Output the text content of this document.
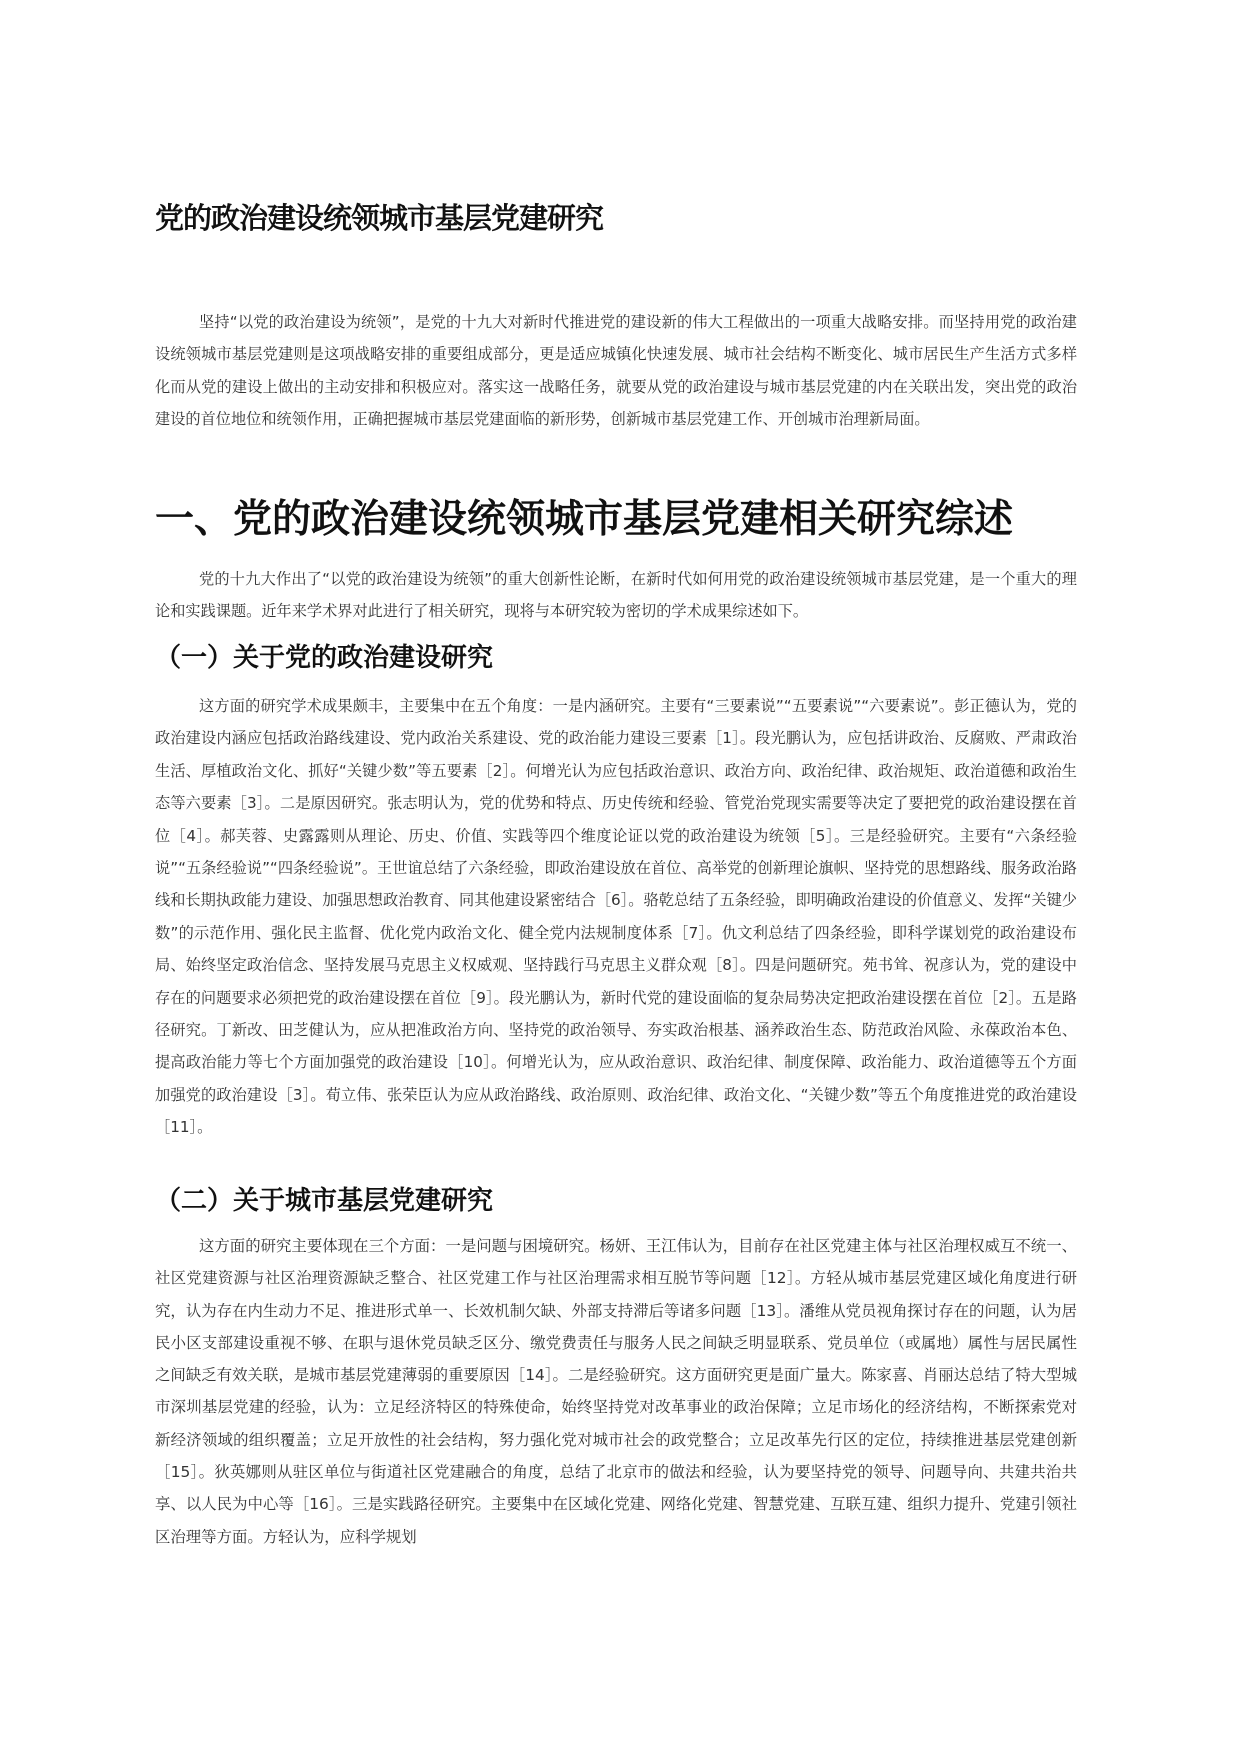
党的政治建设统领城市基层党建研究

坚持“以党的政治建设为统领”，是党的十九大对新时代推进党的建设新的伟大工程做出的一项重大战略安排。而坚持用党的政治建设统领城市基层党建则是这项战略安排的重要组成部分，更是适应城镇化快速发展、城市社会结构不断变化、城市居民生产生活方式多样化而从党的建设上做出的主动安排和积极应对。落实这一战略任务，就要从党的政治建设与城市基层党建的内在关联出发，突出党的政治建设的首位地位和统领作用，正确把握城市基层党建面临的新形势，创新城市基层党建工作、开创城市治理新局面。

一、党的政治建设统领城市基层党建相关研究综述

党的十九大作出了“以党的政治建设为统领”的重大创新性论断，在新时代如何用党的政治建设统领城市基层党建，是一个重大的理论和实践课题。近年来学术界对此进行了相关研究，现将与本研究较为密切的学术成果综述如下。

（一）关于党的政治建设研究

这方面的研究学术成果颇丰，主要集中在五个角度：一是内涵研究。主要有“三要素说”“五要素说”“六要素说”。彭正德认为，党的政治建设内涵应包括政治路线建设、党内政治关系建设、党的政治能力建设三要素［1］。段光鹏认为，应包括讲政治、反腐败、严肃政治生活、厚植政治文化、抓好“关键少数”等五要素［2］。何增光认为应包括政治意识、政治方向、政治纪律、政治规矩、政治道德和政治生态等六要素［3］。二是原因研究。张志明认为，党的优势和特点、历史传统和经验、管党治党现实需要等决定了要把党的政治建设摆在首位［4］。郝芙蓉、史露露则从理论、历史、价值、实践等四个维度论证以党的政治建设为统领［5］。三是经验研究。主要有“六条经验说”“五条经验说”“四条经验说”。王世谊总结了六条经验，即政治建设放在首位、高举党的创新理论旗帜、坚持党的思想路线、服务政治路线和长期执政能力建设、加强思想政治教育、同其他建设紧密结合［6］。骆乾总结了五条经验，即明确政治建设的价值意义、发挥“关键少数”的示范作用、强化民主监督、优化党内政治文化、健全党内法规制度体系［7］。仇文利总结了四条经验，即科学谋划党的政治建设布局、始终坚定政治信念、坚持发展马克思主义权威观、坚持践行马克思主义群众观［8］。四是问题研究。苑书耸、祝彦认为，党的建设中存在的问题要求必须把党的政治建设摆在首位［9］。段光鹏认为，新时代党的建设面临的复杂局势决定把政治建设摆在首位［2］。五是路径研究。丁新改、田芝健认为，应从把准政治方向、坚持党的政治领导、夯实政治根基、涵养政治生态、防范政治风险、永葆政治本色、提高政治能力等七个方面加强党的政治建设［10］。何增光认为，应从政治意识、政治纪律、制度保障、政治能力、政治道德等五个方面加强党的政治建设［3］。荀立伟、张荣臣认为应从政治路线、政治原则、政治纪律、政治文化、“关键少数”等五个角度推进党的政治建设［11］。

（二）关于城市基层党建研究

这方面的研究主要体现在三个方面：一是问题与困境研究。杨妍、王江伟认为，目前存在社区党建主体与社区治理权威互不统一、社区党建资源与社区治理资源缺乏整合、社区党建工作与社区治理需求相互脱节等问题［12］。方轻从城市基层党建区域化角度进行研究，认为存在内生动力不足、推进形式单一、长效机制欠缺、外部支持滞后等诸多问题［13］。潘维从党员视角探讨存在的问题，认为居民小区支部建设重视不够、在职与退休党员缺乏区分、缴党费责任与服务人民之间缺乏明显联系、党员单位（或属地）属性与居民属性之间缺乏有效关联，是城市基层党建薄弱的重要原因［14］。二是经验研究。这方面研究更是面广量大。陈家喜、肖丽达总结了特大型城市深圳基层党建的经验，认为：立足经济特区的特殊使命，始终坚持党对改革事业的政治保障；立足市场化的经济结构，不断探索党对新经济领域的组织覆盖；立足开放性的社会结构，努力强化党对城市社会的政党整合；立足改革先行区的定位，持续推进基层党建创新［15］。狄英娜则从驻区单位与街道社区党建融合的角度，总结了北京市的做法和经验，认为要坚持党的领导、问题导向、共建共治共享、以人民为中心等［16］。三是实践路径研究。主要集中在区域化党建、网络化党建、智慧党建、互联互建、组织力提升、党建引领社区治理等方面。方轻认为，应科学规划
